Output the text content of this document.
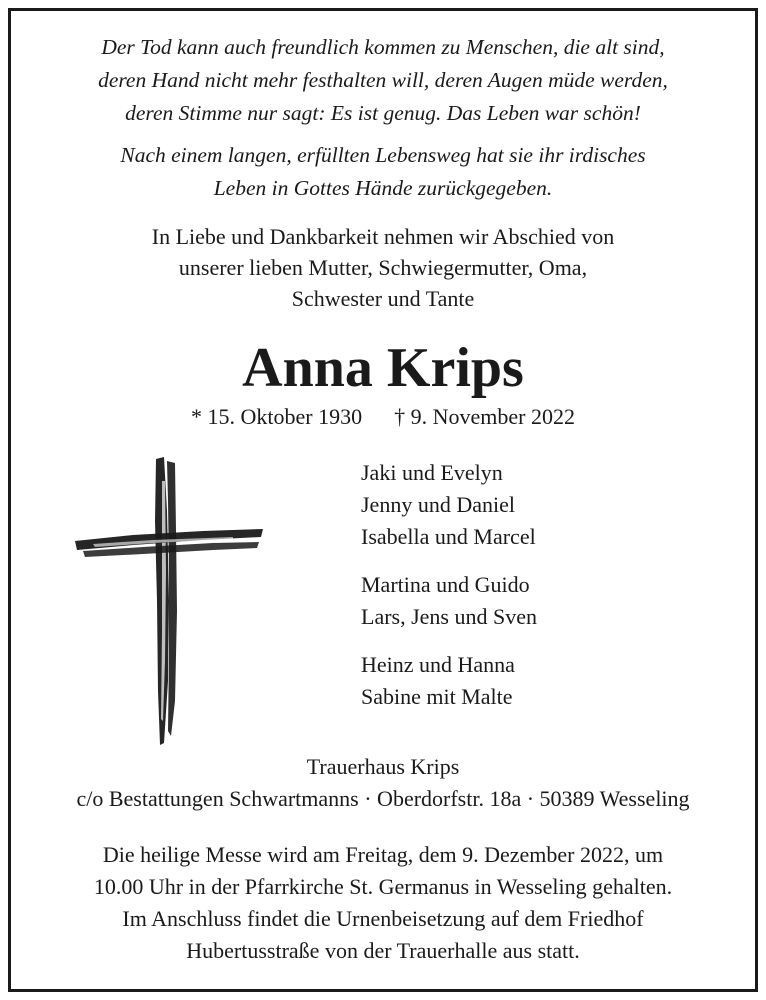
Der Tod kann auch freundlich kommen zu Menschen, die alt sind,
deren Hand nicht mehr festhalten will, deren Augen müde werden,
deren Stimme nur sagt: Es ist genug. Das Leben war schön!
Nach einem langen, erfüllten Lebensweg hat sie ihr irdisches
Leben in Gottes Hände zurückgegeben.
In Liebe und Dankbarkeit nehmen wir Abschied von
unserer lieben Mutter, Schwiegermutter, Oma,
Schwester und Tante
Anna Krips
* 15. Oktober 1930 † 9. November 2022
Jaki und Evelyn
Jenny und Daniel
Isabella und Marcel
Martina und Guido
Lars, Jens und Sven
Heinz und Hanna
Sabine mit Malte
Trauerhaus Krips
c/o Bestattungen Schwartmanns · Oberdorfstr. 18a · 50389 Wesseling
Die heilige Messe wird am Freitag, dem 9. Dezember 2022, um
10.00 Uhr in der Pfarrkirche St. Germanus in Wesseling gehalten.
Im Anschluss findet die Urnenbeisetzung auf dem Friedhof
Hubertusstraße von der Trauerhalle aus statt.
